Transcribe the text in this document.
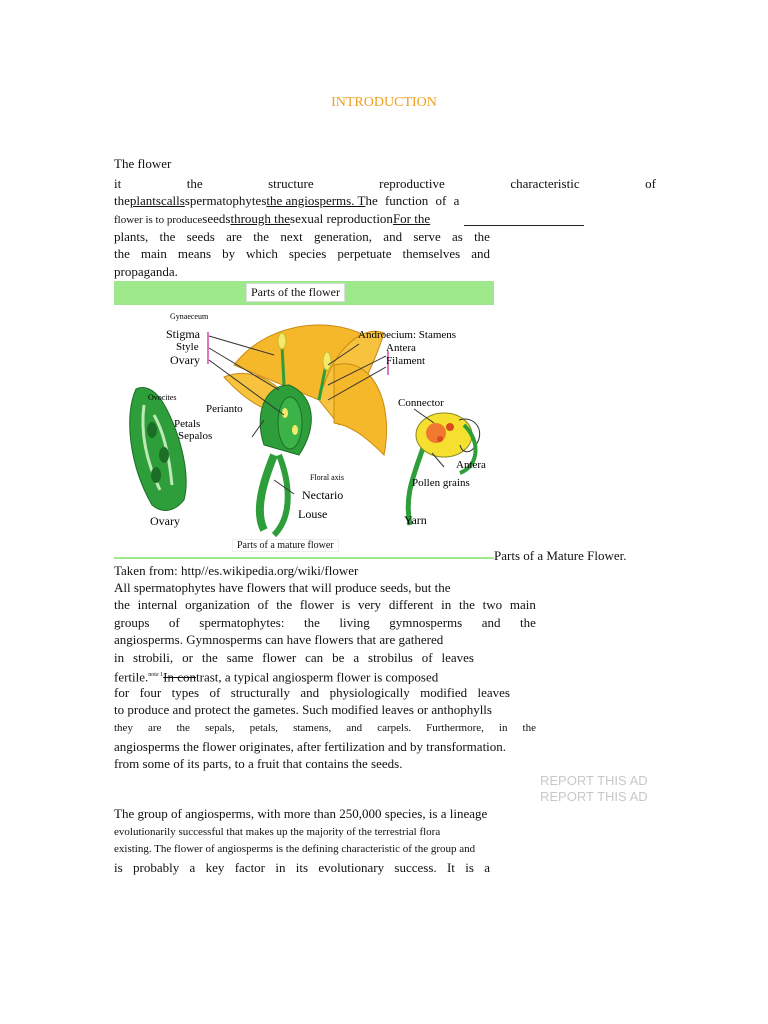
INTRODUCTION
The flower
it	the	structure	reproductive	characteristic	of
theplantscallsspermatophytesthe angiosperms. The function of a
flower is to produceseedsthrough thesexual reproductionFor the
plants, the seeds are the next generation, and serve as the
the main means by which species perpetuate themselves and
propaganda.
Parts of the flower
Gynaeceum
Stigma
Style
Ovary
Androecium: Stamens
Antera
Filament
Ovocites
Petals
Sepalos
Perianto	Connector
Antera
Pollen grains
Floral axis
Nectario
Louse
Ovary	Yarn
Parts of a mature flower
Parts of a Mature Flower.
Taken from: http//es.wikipedia.org/wiki/flower
All spermatophytes have flowers that will produce seeds, but the
the internal organization of the flower is very different in the two main
groups of spermatophytes: the living gymnosperms and the
angiosperms. Gymnosperms can have flowers that are gathered
in strobili, or the same flower can be a strobilus of leaves
fertile.$^{note 1}$In contrast, a typical angiosperm flower is composed
for four types of structurally and physiologically modified leaves
to produce and protect the gametes. Such modified leaves or anthophylls
they are the sepals, petals, stamens, and carpels. Furthermore, in the
angiosperms the flower originates, after fertilization and by transformation.
from some of its parts, to a fruit that contains the seeds.
REPORT THIS AD
REPORT THIS AD
The group of angiosperms, with more than 250,000 species, is a lineage
evolutionarily successful that makes up the majority of the terrestrial flora
existing. The flower of angiosperms is the defining characteristic of the group and
is probably a key factor in its evolutionary success. It is a
